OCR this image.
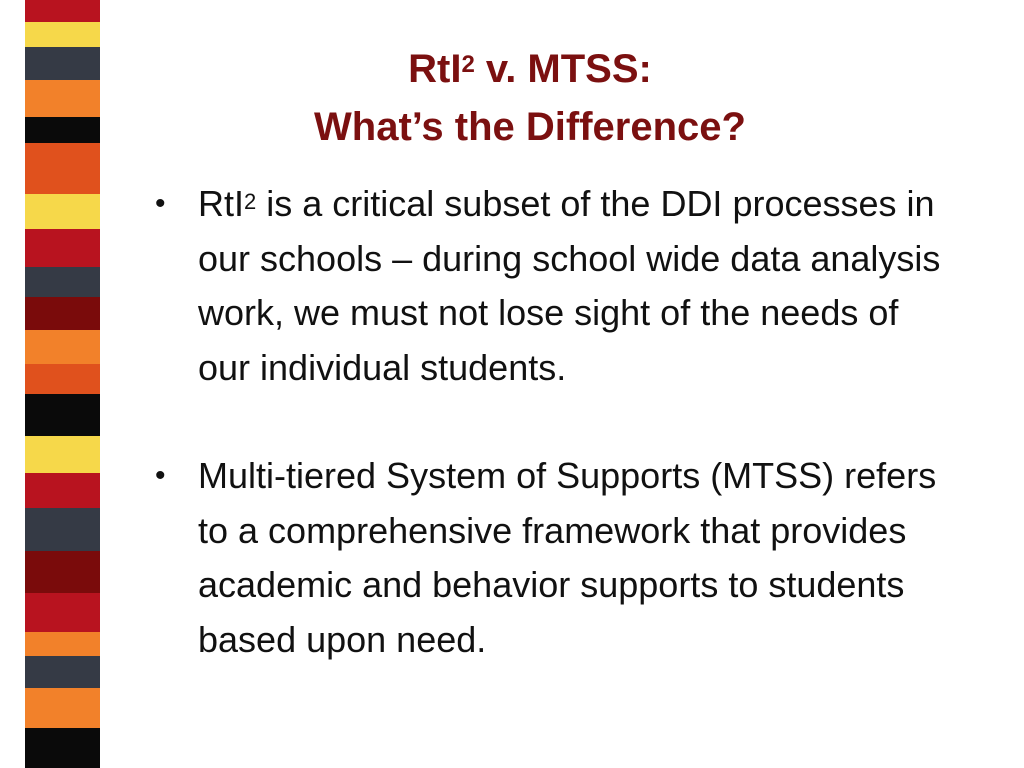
RtI$^2$ v. MTSS:
What’s the Difference?
• RtI$^2$ is a critical subset of the DDI processes in our schools – during school wide data analysis work, we must not lose sight of the needs of our individual students.
• Multi-tiered System of Supports (MTSS) refers to a comprehensive framework that provides academic and behavior supports to students based upon need.
